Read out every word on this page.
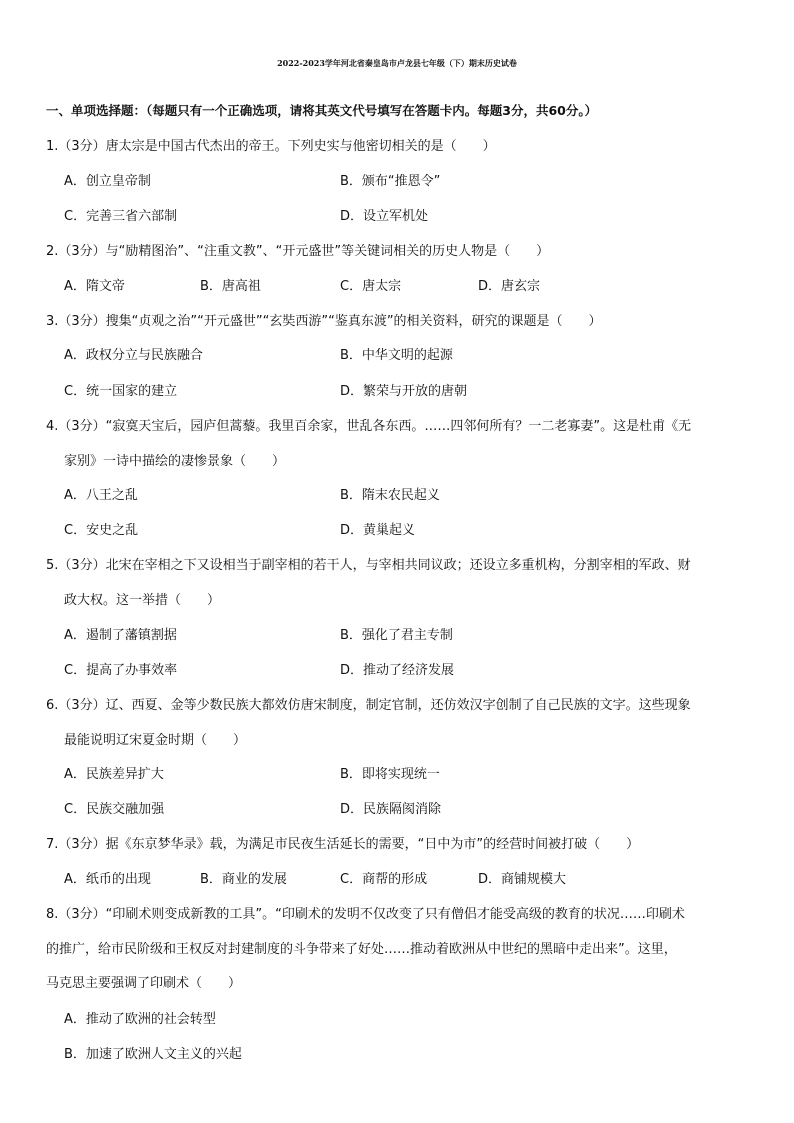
2022-2023学年河北省秦皇岛市卢龙县七年级（下）期末历史试卷
一、单项选择题：（每题只有一个正确选项，请将其英文代号填写在答题卡内。每题3分，共60分。）
1.（3分）唐太宗是中国古代杰出的帝王。下列史实与他密切相关的是（　　）
A．创立皇帝制	B．颁布“推恩令”
C．完善三省六部制	D．设立军机处
2.（3分）与“励精图治”、“注重文教”、“开元盛世”等关键词相关的历史人物是（　　）
A．隋文帝	B．唐高祖	C．唐太宗	D．唐玄宗
3.（3分）搜集“贞观之治”“开元盛世”“玄奘西游”“鉴真东渡”的相关资料，研究的课题是（　　）
A．政权分立与民族融合	B．中华文明的起源
C．统一国家的建立	D．繁荣与开放的唐朝
4.（3分）“寂寞天宝后，园庐但蒿藜。我里百余家，世乱各东西。……四邻何所有？一二老寡妻”。这是杜甫《无
家别》一诗中描绘的凄惨景象（　　）
A．八王之乱	B．隋末农民起义
C．安史之乱	D．黄巢起义
5.（3分）北宋在宰相之下又设相当于副宰相的若干人，与宰相共同议政；还设立多重机构，分割宰相的军政、财
政大权。这一举措（　　）
A．遏制了藩镇割据	B．强化了君主专制
C．提高了办事效率	D．推动了经济发展
6.（3分）辽、西夏、金等少数民族大都效仿唐宋制度，制定官制，还仿效汉字创制了自己民族的文字。这些现象
最能说明辽宋夏金时期（　　）
A．民族差异扩大	B．即将实现统一
C．民族交融加强	D．民族隔阂消除
7.（3分）据《东京梦华录》载，为满足市民夜生活延长的需要，“日中为市”的经营时间被打破（　　）
A．纸币的出现	B．商业的发展	C．商帮的形成	D．商铺规模大
8.（3分）“印刷术则变成新教的工具”。“印刷术的发明不仅改变了只有僧侣才能受高级的教育的状况……印刷术
的推广，给市民阶级和王权反对封建制度的斗争带来了好处……推动着欧洲从中世纪的黑暗中走出来”。这里，
马克思主要强调了印刷术（　　）
A．推动了欧洲的社会转型
B．加速了欧洲人文主义的兴起
